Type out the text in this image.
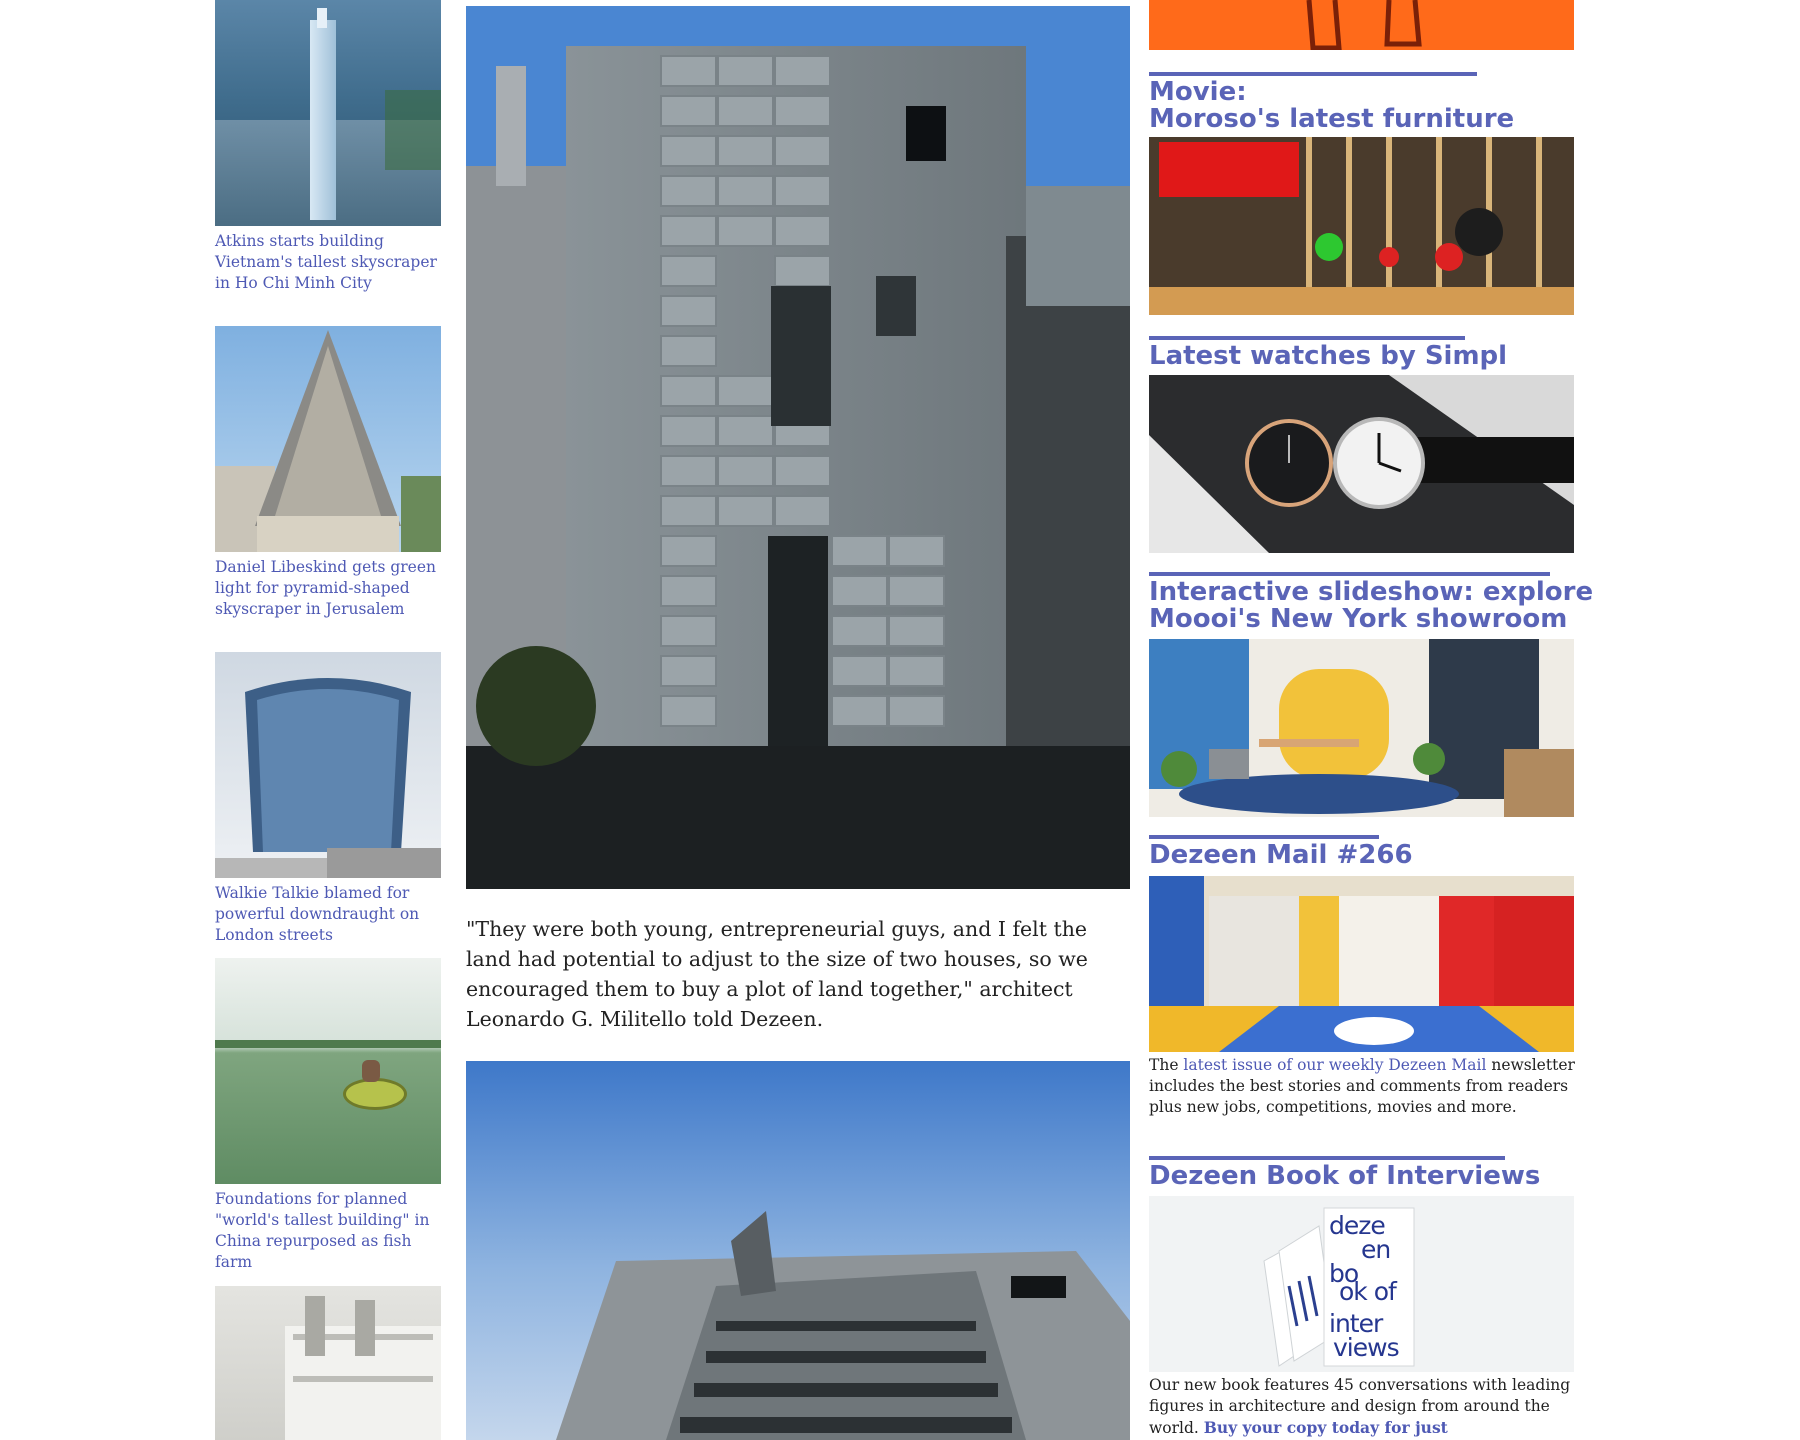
Atkins starts building Vietnam's tallest skyscraper in Ho Chi Minh City

Daniel Libeskind gets green light for pyramid-shaped skyscraper in Jerusalem

Walkie Talkie blamed for powerful downdraught on London streets

Foundations for planned "world's tallest building" in China repurposed as fish farm

"They were both young, entrepreneurial guys, and I felt the land had potential to adjust to the size of two houses, so we encouraged them to buy a plot of land together," architect Leonardo G. Militello told Dezeen.

Movie:
Moroso's latest furniture

Latest watches by Simpl

Interactive slideshow: explore
Moooi's New York showroom

Dezeen Mail #266

The latest issue of our weekly Dezeen Mail newsletter includes the best stories and comments from readers plus new jobs, competitions, movies and more.

Dezeen Book of Interviews

deze
en
bo
ok of
inter
views

Our new book features 45 conversations with leading figures in architecture and design from around the world. Buy your copy today for just
